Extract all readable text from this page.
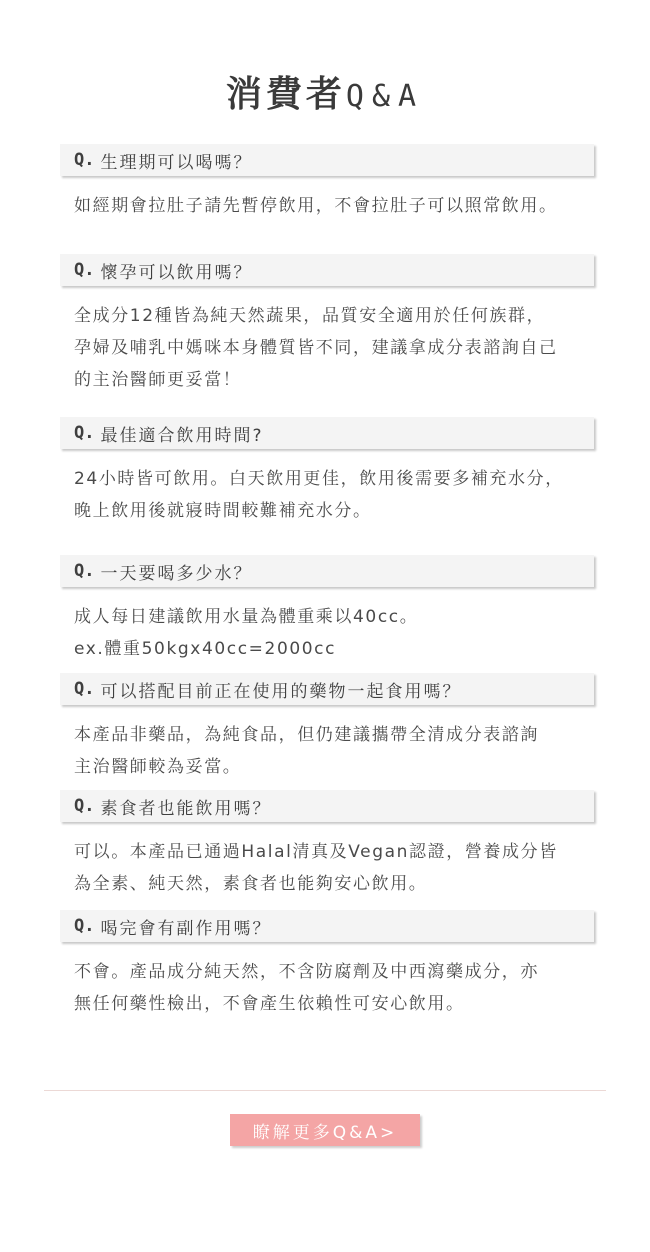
消費者Q&A
Q. 生理期可以喝嗎？
如經期會拉肚子請先暫停飲用，不會拉肚子可以照常飲用。
Q. 懷孕可以飲用嗎？
全成分12種皆為純天然蔬果，品質安全適用於任何族群，
孕婦及哺乳中媽咪本身體質皆不同，建議拿成分表諮詢自己
的主治醫師更妥當！
Q. 最佳適合飲用時間?
24小時皆可飲用。白天飲用更佳，飲用後需要多補充水分，
晚上飲用後就寢時間較難補充水分。
Q. 一天要喝多少水？
成人每日建議飲用水量為體重乘以40cc。
ex.體重50kgx40cc=2000cc
Q. 可以搭配目前正在使用的藥物一起食用嗎？
本產品非藥品，為純食品，但仍建議攜帶全清成分表諮詢
主治醫師較為妥當。
Q. 素食者也能飲用嗎？
可以。本產品已通過Halal清真及Vegan認證，營養成分皆
為全素、純天然，素食者也能夠安心飲用。
Q. 喝完會有副作用嗎？
不會。產品成分純天然，不含防腐劑及中西瀉藥成分，亦
無任何藥性檢出，不會產生依賴性可安心飲用。
瞭解更多Q&A>
